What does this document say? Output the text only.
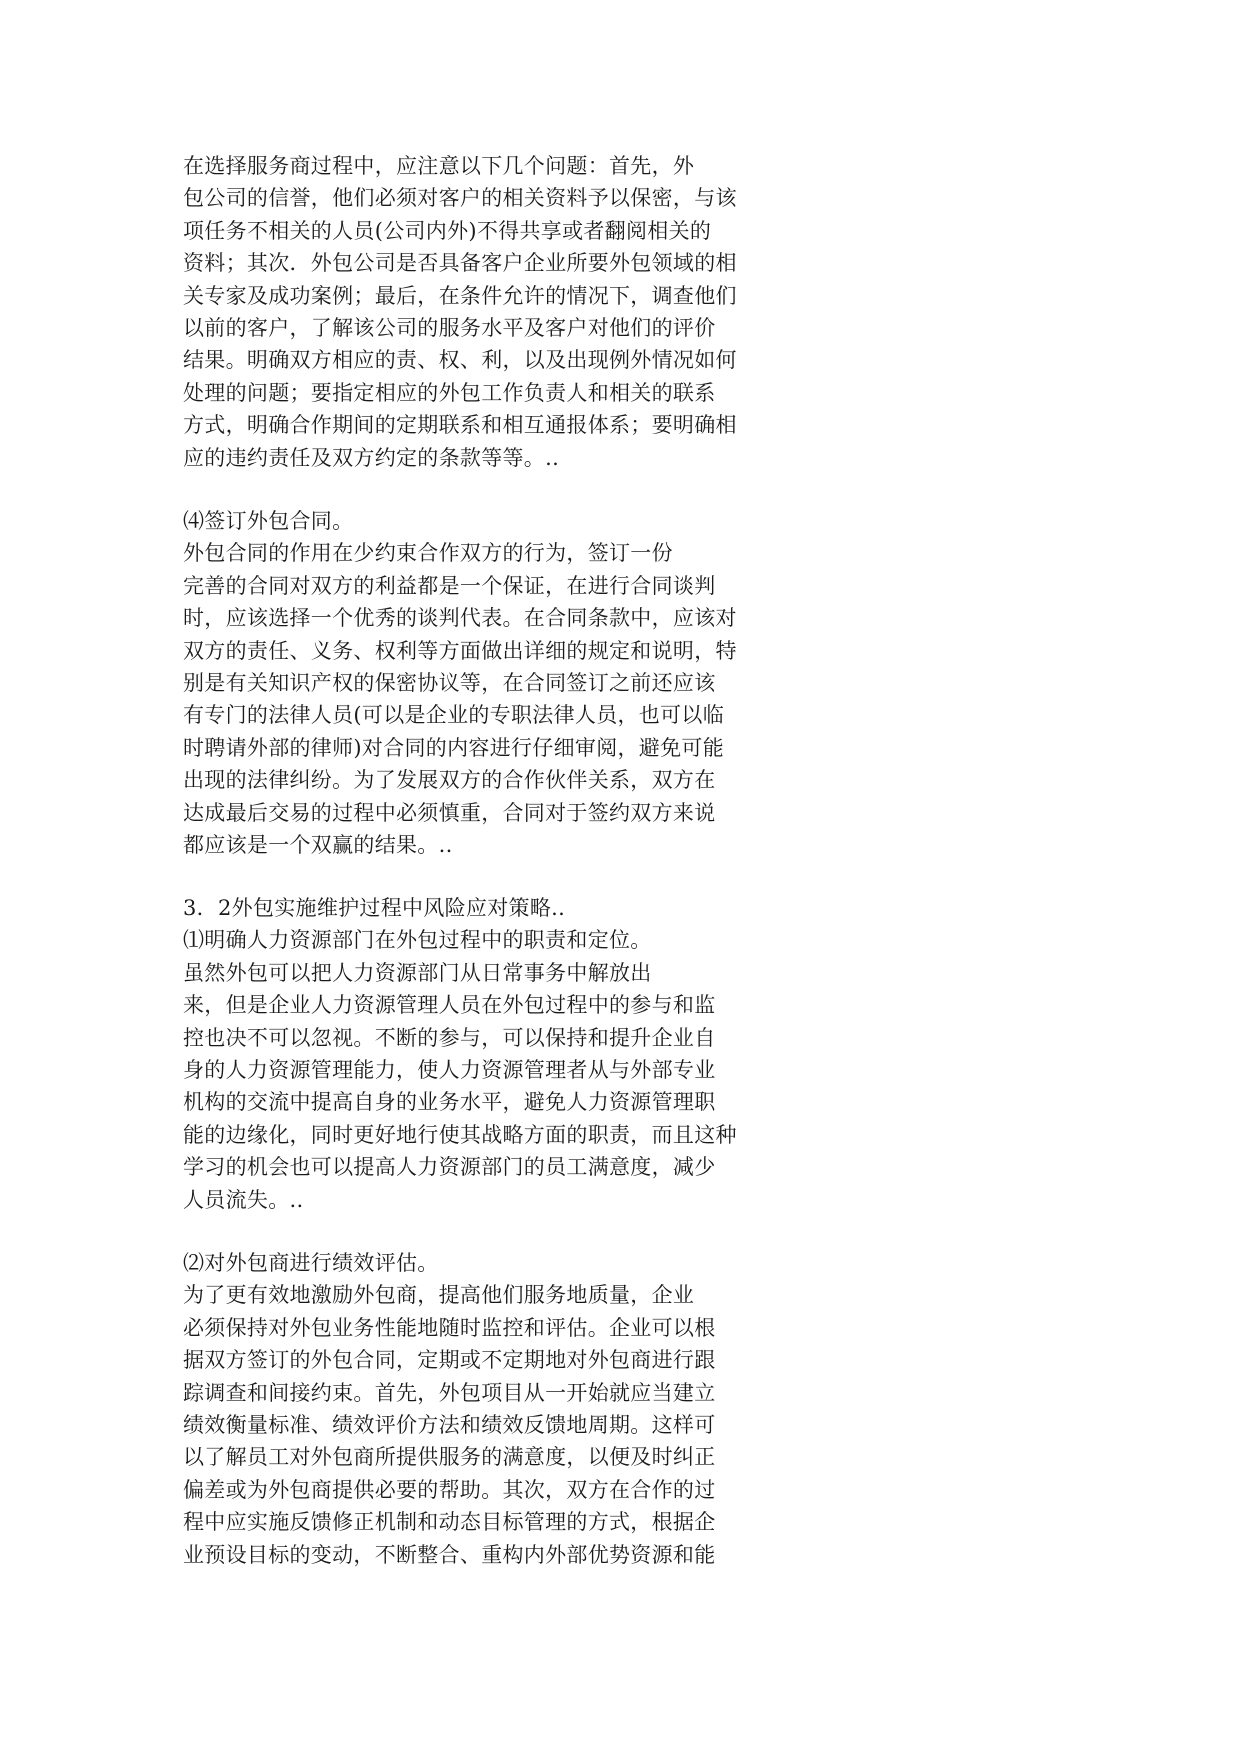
在选择服务商过程中，应注意以下几个问题：首先，外
包公司的信誉，他们必须对客户的相关资料予以保密，与该
项任务不相关的人员(公司内外)不得共享或者翻阅相关的
资料；其次．外包公司是否具备客户企业所要外包领域的相
关专家及成功案例；最后，在条件允许的情况下，调查他们
以前的客户，了解该公司的服务水平及客户对他们的评价
结果。明确双方相应的责、权、利，以及出现例外情况如何
处理的问题；要指定相应的外包工作负责人和相关的联系
方式，明确合作期间的定期联系和相互通报体系；要明确相
应的违约责任及双方约定的条款等等。..
⑷签订外包合同。
外包合同的作用在少约束合作双方的行为，签订一份
完善的合同对双方的利益都是一个保证，在进行合同谈判
时，应该选择一个优秀的谈判代表。在合同条款中，应该对
双方的责任、义务、权利等方面做出详细的规定和说明，特
别是有关知识产权的保密协议等，在合同签订之前还应该
有专门的法律人员(可以是企业的专职法律人员，也可以临
时聘请外部的律师)对合同的内容进行仔细审阅，避免可能
出现的法律纠纷。为了发展双方的合作伙伴关系，双方在
达成最后交易的过程中必须慎重，合同对于签约双方来说
都应该是一个双赢的结果。..
3．2外包实施维护过程中风险应对策略..
⑴明确人力资源部门在外包过程中的职责和定位。
虽然外包可以把人力资源部门从日常事务中解放出
来，但是企业人力资源管理人员在外包过程中的参与和监
控也决不可以忽视。不断的参与，可以保持和提升企业自
身的人力资源管理能力，使人力资源管理者从与外部专业
机构的交流中提高自身的业务水平，避免人力资源管理职
能的边缘化，同时更好地行使其战略方面的职责，而且这种
学习的机会也可以提高人力资源部门的员工满意度，减少
人员流失。..
⑵对外包商进行绩效评估。
为了更有效地激励外包商，提高他们服务地质量，企业
必须保持对外包业务性能地随时监控和评估。企业可以根
据双方签订的外包合同，定期或不定期地对外包商进行跟
踪调查和间接约束。首先，外包项目从一开始就应当建立
绩效衡量标准、绩效评价方法和绩效反馈地周期。这样可
以了解员工对外包商所提供服务的满意度，以便及时纠正
偏差或为外包商提供必要的帮助。其次，双方在合作的过
程中应实施反馈修正机制和动态目标管理的方式，根据企
业预设目标的变动，不断整合、重构内外部优势资源和能
